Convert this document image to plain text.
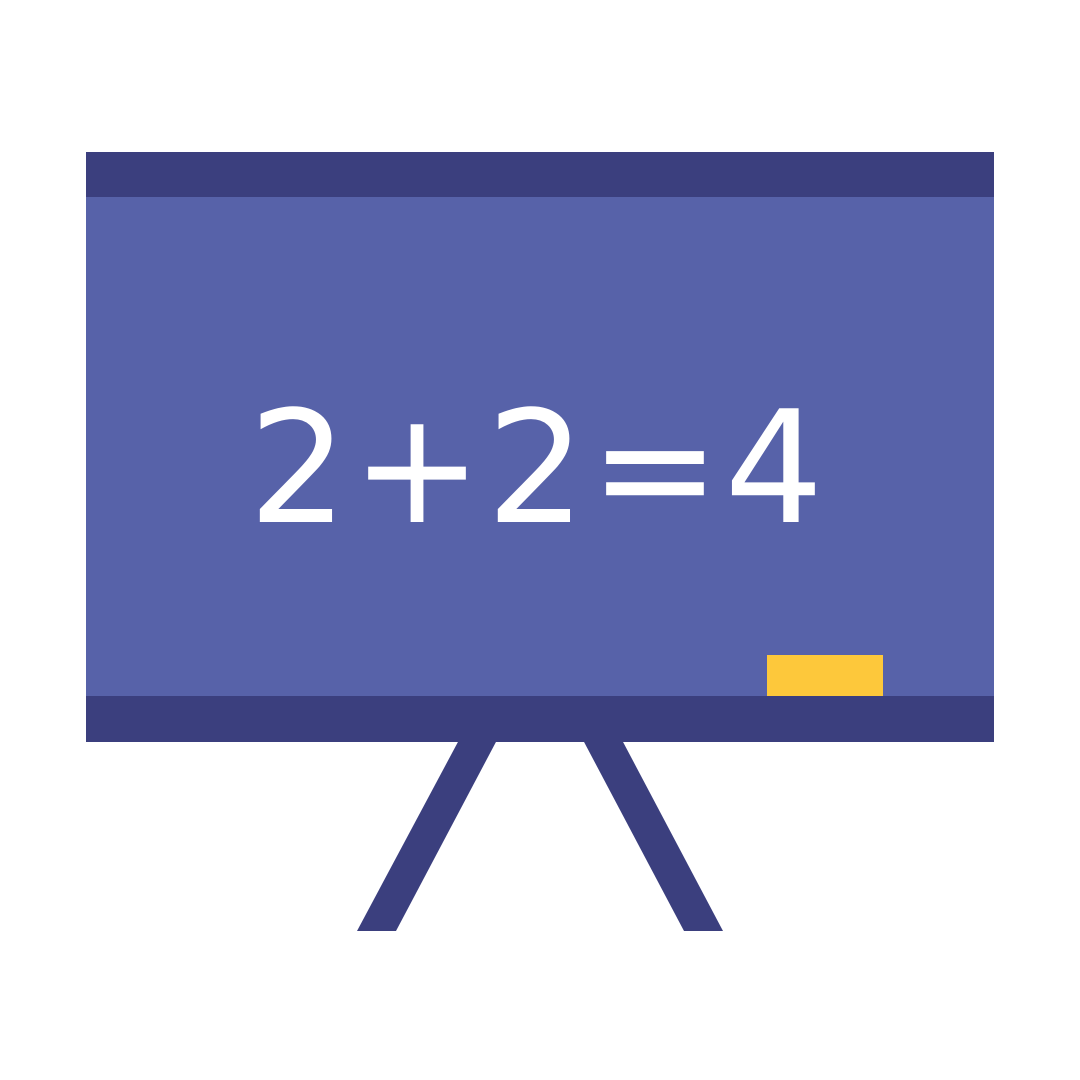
2+2=4
